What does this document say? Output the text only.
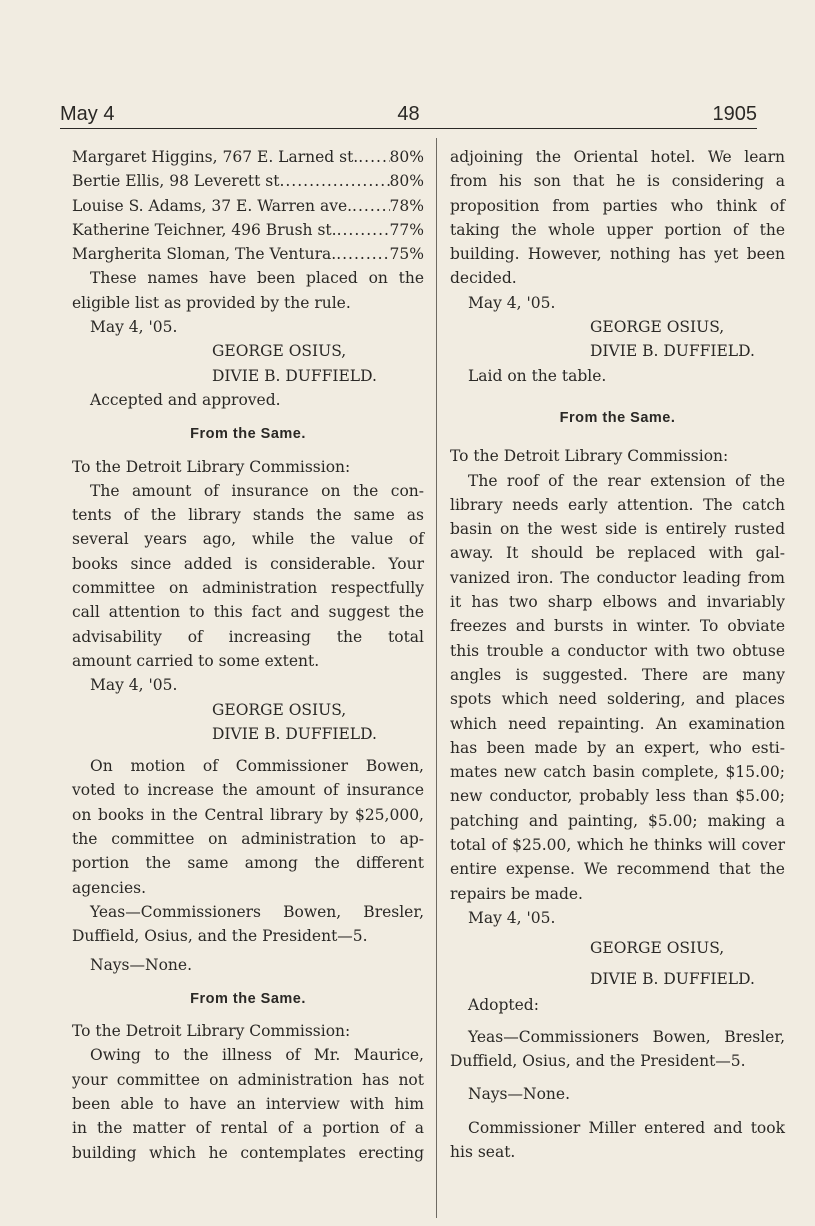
May 4	48	1905
Margaret Higgins, 767 E. Larned st. ..... 80%
Bertie Ellis, 98 Leverett st .....	80%
Louise S. Adams, 37 E. Warren ave. ..... 78%
Katherine Teichner, 496 Brush st. .....	77%
Margherita Sloman, The Ventura. .....	75%

These names have been placed on the

eligible list as provided by the rule.

May 4, '05.

GEORGE OSIUS,

DIVIE B. DUFFIELD.

Accepted and approved.

From the Same.

To the Detroit Library Commission:

The amount of insurance on the con-

tents of the library stands the same as

several years ago, while the value of

books since added is considerable. Your

committee on administration respectfully

call attention to this fact and suggest the

advisability of increasing the total

amount carried to some extent.

May 4, '05.

GEORGE OSIUS,

DIVIE B. DUFFIELD.

On motion of Commissioner Bowen,

voted to increase the amount of insurance

on books in the Central library by $25,000,

the committee on administration to ap-

portion the same among the different

agencies.

Yeas—Commissioners Bowen, Bresler,

Duffield, Osius, and the President—5.

Nays—None.

From the Same.

To the Detroit Library Commission:

Owing to the illness of Mr. Maurice,

your committee on administration has not

been able to have an interview with him

in the matter of rental of a portion of a

building which he contemplates erecting

adjoining the Oriental hotel. We learn

from his son that he is considering a

proposition from parties who think of

taking the whole upper portion of the

building. However, nothing has yet been

decided.

May 4, '05.

GEORGE OSIUS,

DIVIE B. DUFFIELD.

Laid on the table.

From the Same.

To the Detroit Library Commission:

The roof of the rear extension of the

library needs early attention. The catch

basin on the west side is entirely rusted

away. It should be replaced with gal-

vanized iron. The conductor leading from

it has two sharp elbows and invariably

freezes and bursts in winter. To obviate

this trouble a conductor with two obtuse

angles is suggested. There are many

spots which need soldering, and places

which need repainting. An examination

has been made by an expert, who esti-

mates new catch basin complete, $15.00;

new conductor, probably less than $5.00;

patching and painting, $5.00; making a

total of $25.00, which he thinks will cover

entire expense. We recommend that the

repairs be made.

May 4, '05.

GEORGE OSIUS,

DIVIE B. DUFFIELD.

Adopted:

Yeas—Commissioners Bowen, Bresler,

Duffield, Osius, and the President—5.

Nays—None.

Commissioner Miller entered and took

his seat.
